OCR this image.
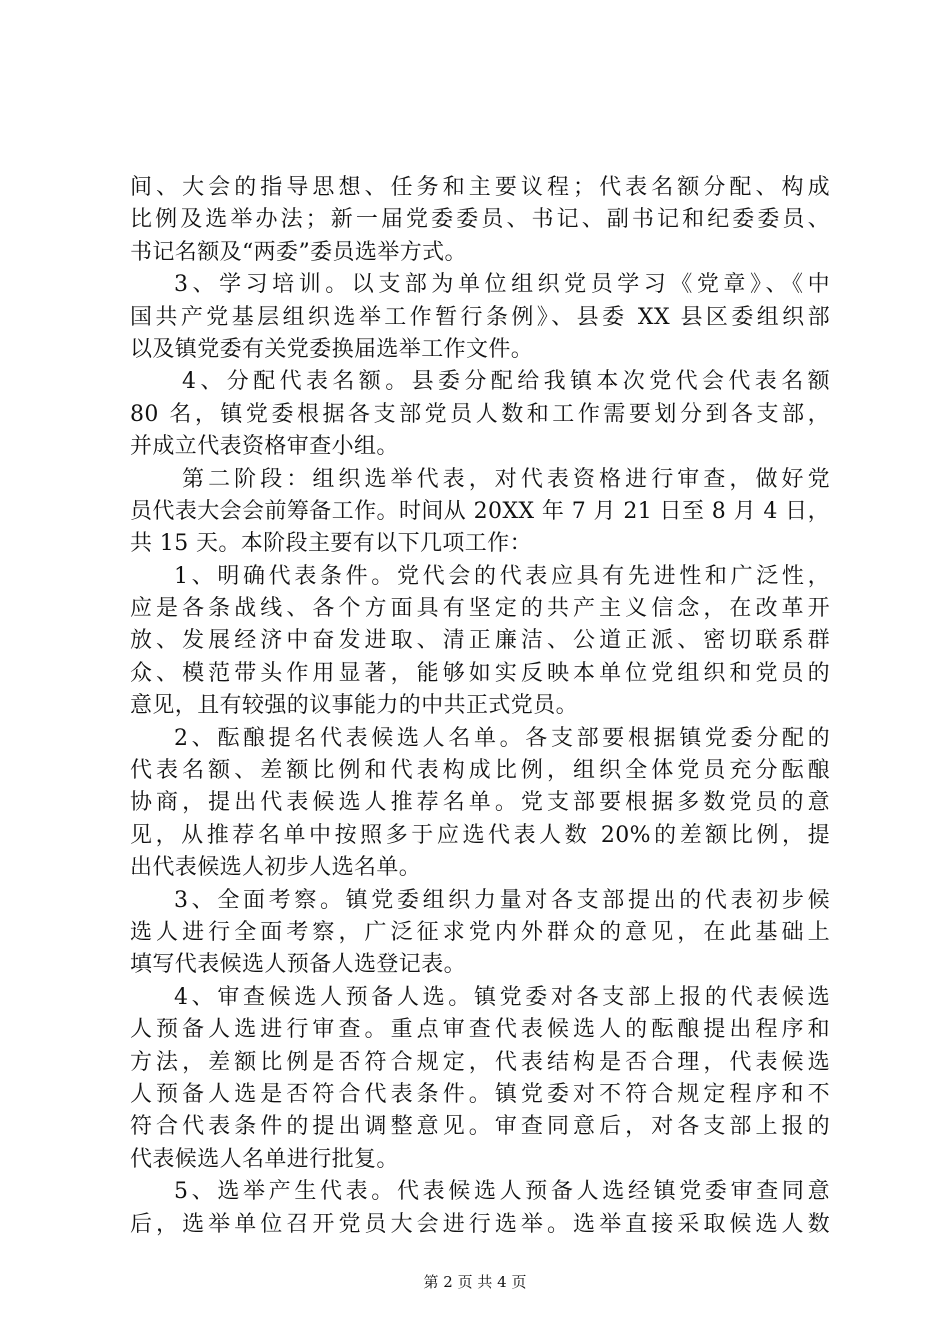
间、大会的指导思想、任务和主要议程；代表名额分配、构成
比例及选举办法；新一届党委委员、书记、副书记和纪委委员、
书记名额及“两委”委员选举方式。
3、学习培训。以支部为单位组织党员学习《党章》、《中
国共产党基层组织选举工作暂行条例》、县委 XX 县区委组织部
以及镇党委有关党委换届选举工作文件。
4、分配代表名额。县委分配给我镇本次党代会代表名额
80 名，镇党委根据各支部党员人数和工作需要划分到各支部，
并成立代表资格审查小组。
第二阶段：组织选举代表，对代表资格进行审查，做好党
员代表大会会前筹备工作。时间从 20XX 年 7 月 21 日至 8 月 4 日，
共 15 天。本阶段主要有以下几项工作：
1、明确代表条件。党代会的代表应具有先进性和广泛性，
应是各条战线、各个方面具有坚定的共产主义信念，在改革开
放、发展经济中奋发进取、清正廉洁、公道正派、密切联系群
众、模范带头作用显著，能够如实反映本单位党组织和党员的
意见，且有较强的议事能力的中共正式党员。
2、酝酿提名代表候选人名单。各支部要根据镇党委分配的
代表名额、差额比例和代表构成比例，组织全体党员充分酝酿
协商，提出代表候选人推荐名单。党支部要根据多数党员的意
见，从推荐名单中按照多于应选代表人数 20%的差额比例，提
出代表候选人初步人选名单。
3、全面考察。镇党委组织力量对各支部提出的代表初步候
选人进行全面考察，广泛征求党内外群众的意见，在此基础上
填写代表候选人预备人选登记表。
4、审查候选人预备人选。镇党委对各支部上报的代表候选
人预备人选进行审查。重点审查代表候选人的酝酿提出程序和
方法，差额比例是否符合规定，代表结构是否合理，代表候选
人预备人选是否符合代表条件。镇党委对不符合规定程序和不
符合代表条件的提出调整意见。审查同意后，对各支部上报的
代表候选人名单进行批复。
5、选举产生代表。代表候选人预备人选经镇党委审查同意
后，选举单位召开党员大会进行选举。选举直接采取候选人数
第 2 页 共 4 页
